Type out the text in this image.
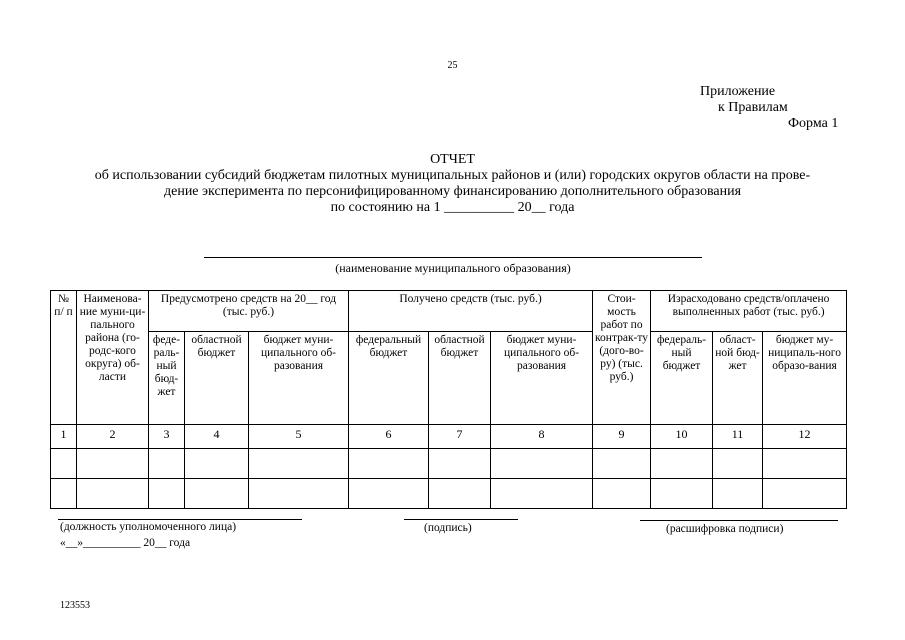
25
Приложение
к Правилам
Форма 1
ОТЧЕТ
об использовании субсидий бюджетам пилотных муниципальных районов и (или) городских округов области на прове-
дение эксперимента по персонифицированному финансированию дополнительного образования
по состоянию на 1 __________ 20__ года
(наименование муниципального образования)
№ п/ п	Наименова-ние муни-ци-пального района (го-родс-кого округа) об-ласти	Предусмотрено средств на 20__ год (тыс. руб.)			Получено средств (тыс. руб.)			Стои-мость работ по контрак-ту (дого-во-ру) (тыс. руб.)	Израсходовано средств/оплачено выполненных работ (тыс. руб.)		
		феде-раль-ный бюд-жет	областной бюджет	бюджет муни-ципального об-разования	федеральный бюджет	областной бюджет	бюджет муни-ципального об-разования		федераль-ный бюджет	област-ной бюд-жет	бюджет му-ниципаль-ного образо-вания
1	2	3	4	5	6	7	8	9	10	11	12

(должность уполномоченного лица)
«__»__________ 20__ года
(подпись)	(расшифровка подписи)
123553
